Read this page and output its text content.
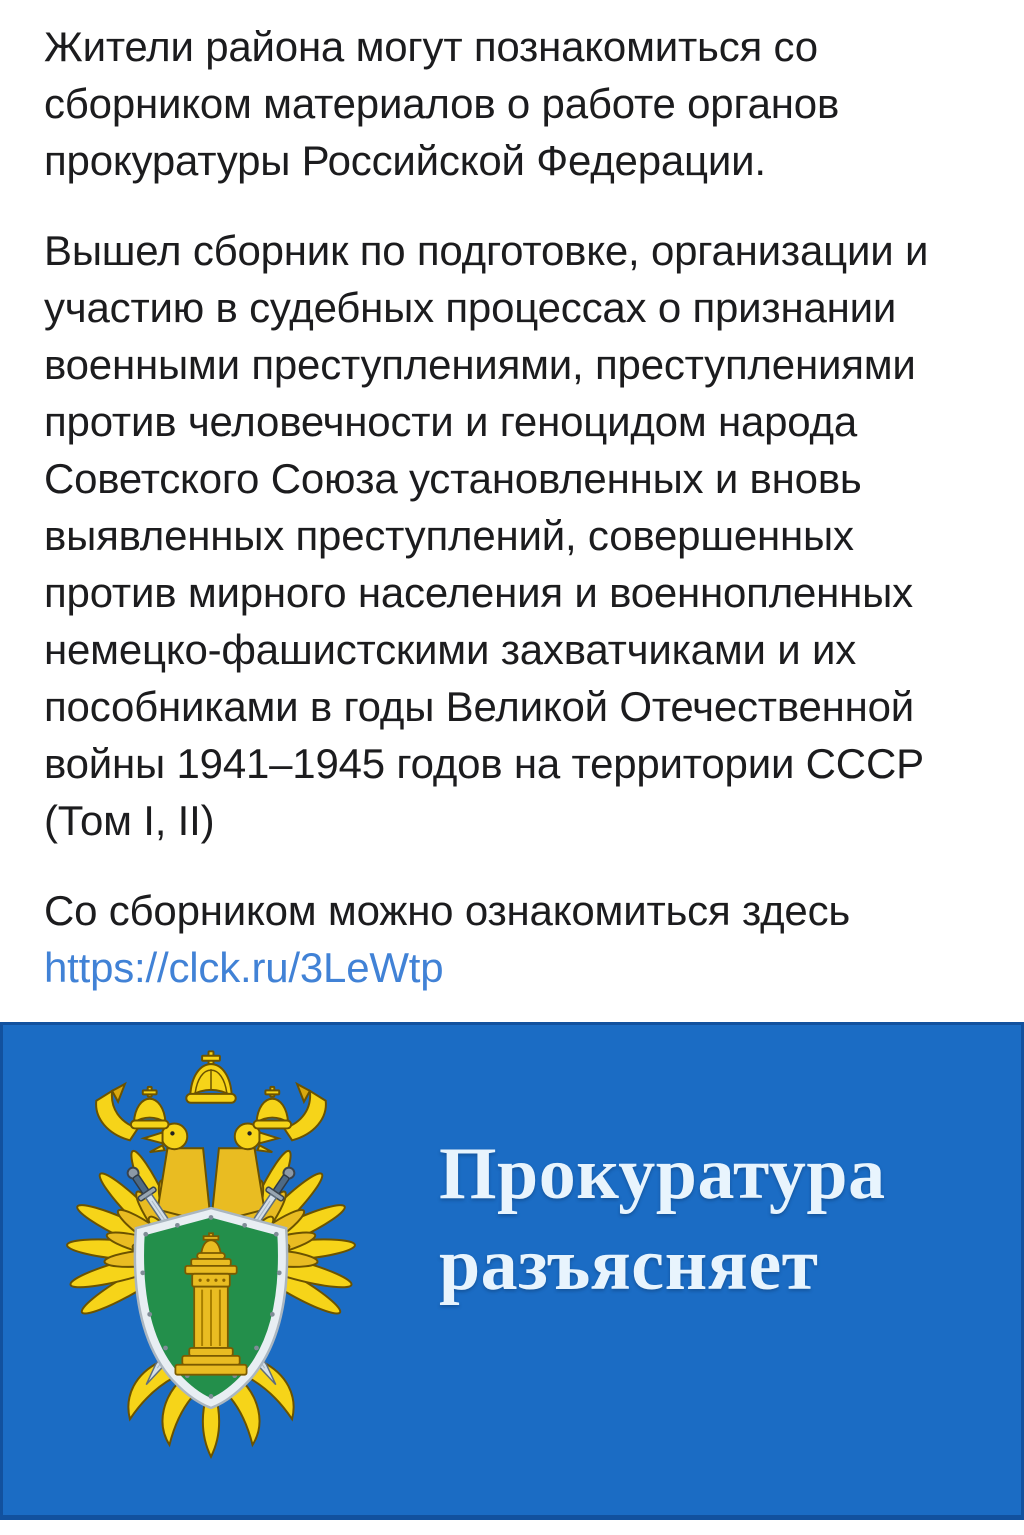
Жители района могут познакомиться со
сборником материалов о работе органов
прокуратуры Российской Федерации.
Вышел сборник по подготовке, организации и
участию в судебных процессах о признании
военными преступлениями, преступлениями
против человечности и геноцидом народа
Советского Союза установленных и вновь
выявленных преступлений, совершенных
против мирного населения и военнопленных
немецко-фашистскими захватчиками и их
пособниками в годы Великой Отечественной
войны 1941–1945 годов на территории СССР
(Том I, II)
Со сборником можно ознакомиться здесь
https://clck.ru/3LeWtp
Прокуратура
разъясняет
